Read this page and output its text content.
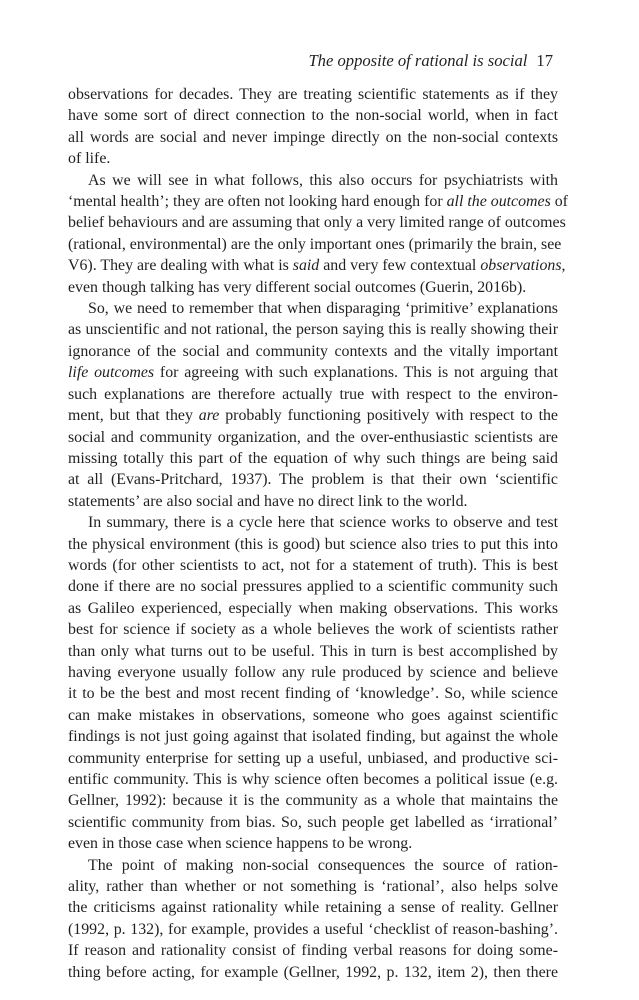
The opposite of rational is social 17

observations for decades. They are treating scientific statements as if they
have some sort of direct connection to the non-social world, when in fact
all words are social and never impinge directly on the non-social contexts
of life.

As we will see in what follows, this also occurs for psychiatrists with
‘mental health’; they are often not looking hard enough for all the outcomes of
belief behaviours and are assuming that only a very limited range of outcomes
(rational, environmental) are the only important ones (primarily the brain, see
V6). They are dealing with what is said and very few contextual observations,
even though talking has very different social outcomes (Guerin, 2016b).

So, we need to remember that when disparaging ‘primitive’ explanations
as unscientific and not rational, the person saying this is really showing their
ignorance of the social and community contexts and the vitally important
life outcomes for agreeing with such explanations. This is not arguing that
such explanations are therefore actually true with respect to the environ-
ment, but that they are probably functioning positively with respect to the
social and community organization, and the over-enthusiastic scientists are
missing totally this part of the equation of why such things are being said
at all (Evans-Pritchard, 1937). The problem is that their own ‘scientific
statements’ are also social and have no direct link to the world.

In summary, there is a cycle here that science works to observe and test
the physical environment (this is good) but science also tries to put this into
words (for other scientists to act, not for a statement of truth). This is best
done if there are no social pressures applied to a scientific community such
as Galileo experienced, especially when making observations. This works
best for science if society as a whole believes the work of scientists rather
than only what turns out to be useful. This in turn is best accomplished by
having everyone usually follow any rule produced by science and believe
it to be the best and most recent finding of ‘knowledge’. So, while science
can make mistakes in observations, someone who goes against scientific
findings is not just going against that isolated finding, but against the whole
community enterprise for setting up a useful, unbiased, and productive sci-
entific community. This is why science often becomes a political issue (e.g.
Gellner, 1992): because it is the community as a whole that maintains the
scientific community from bias. So, such people get labelled as ‘irrational’
even in those case when science happens to be wrong.

The point of making non-social consequences the source of ration-
ality, rather than whether or not something is ‘rational’, also helps solve
the criticisms against rationality while retaining a sense of reality. Gellner
(1992, p. 132), for example, provides a useful ‘checklist of reason-bashing’.
If reason and rationality consist of finding verbal reasons for doing some-
thing before acting, for example (Gellner, 1992, p. 132, item 2), then there
